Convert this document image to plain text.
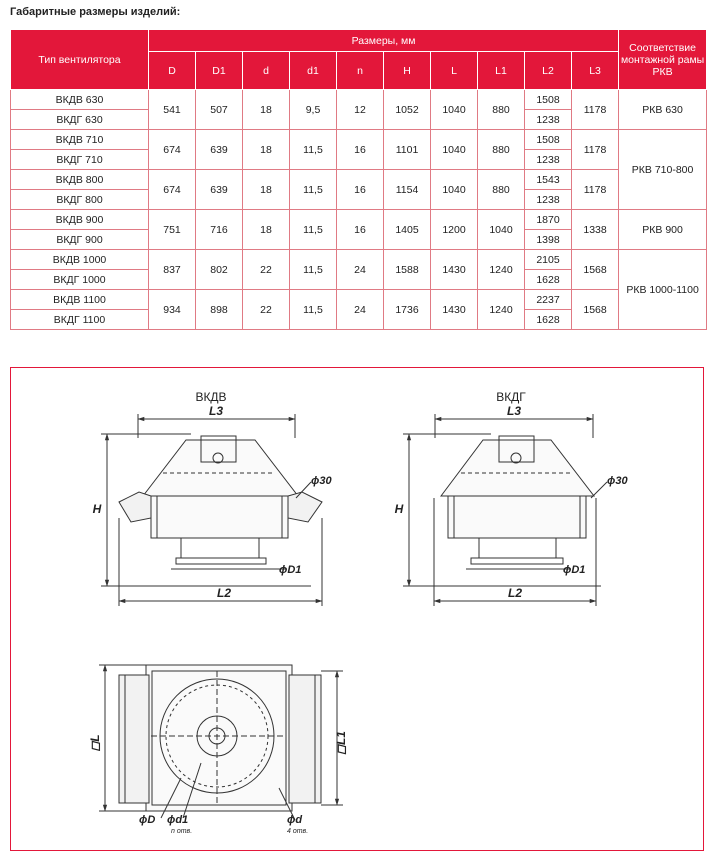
Габаритные размеры изделий:
Тип вентилятора	Размеры, мм										Соответствие монтажной рамы РКВ
	D	D1	d	d1	n	H	L	L1	L2	L3	
ВКДВ 630	541	507	18	9,5	12	1052	1040	880	1508	1178	РКВ 630
ВКДГ 630									1238		
ВКДВ 710	674	639	18	11,5	16	1101	1040	880	1508	1178	РКВ 710-800
ВКДГ 710									1238		
ВКДВ 800	674	639	18	11,5	16	1154	1040	880	1543	1178	
ВКДГ 800									1238		
ВКДВ 900	751	716	18	11,5	16	1405	1200	1040	1870	1338	РКВ 900
ВКДГ 900									1398		
ВКДВ 1000	837	802	22	11,5	24	1588	1430	1240	2105	1568	РКВ 1000-1100
ВКДГ 1000									1628		
ВКДВ 1100	934	898	22	11,5	24	1736	1430	1240	2237	1568	
ВКДГ 1100									1628		
ВКДВ
L3
H
ϕD1
ϕ30
L2
ВКДГ
L3
H
ϕD1
ϕ30
L2
◻L	◻L1
ϕD ϕd1
n отв.
ϕd
4 отв.
